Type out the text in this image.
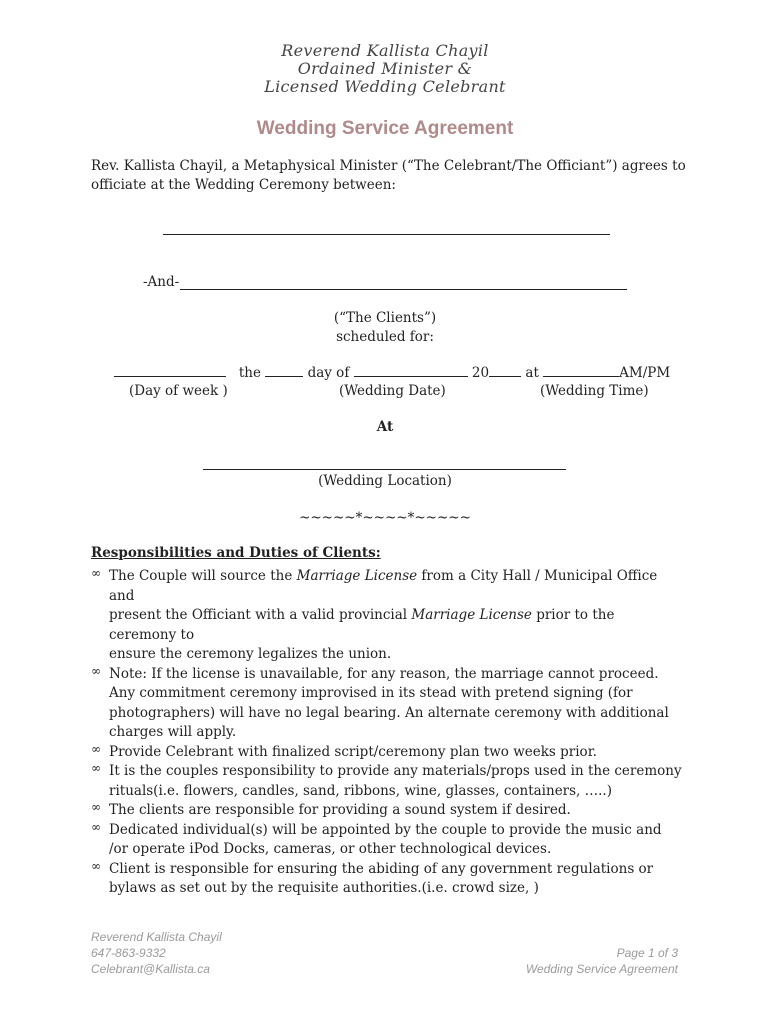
Reverend Kallista Chayil
Ordained Minister &
Licensed Wedding Celebrant
Wedding Service Agreement
Rev. Kallista Chayil, a Metaphysical Minister (“The Celebrant/The Officiant”) agrees to
officiate at the Wedding Ceremony between:
-And-
(“The Clients”)
scheduled for:
the	day of	20	at	AM/PM
(Day of week )	(Wedding Date)	(Wedding Time)
At
(Wedding Location)
~~~~~*~~~~*~~~~~
Responsibilities and Duties of Clients:
∞ The Couple will source the Marriage License from a City Hall / Municipal Office and
present the Officiant with a valid provincial Marriage License prior to the ceremony to
ensure the ceremony legalizes the union.
∞ Note: If the license is unavailable, for any reason, the marriage cannot proceed. Any commitment ceremony improvised in its stead with pretend signing (for photographers) will have no legal bearing. An alternate ceremony with additional charges will apply.
∞ Provide Celebrant with finalized script/ceremony plan two weeks prior.
∞ It is the couples responsibility to provide any materials/props used in the ceremony rituals(i.e. flowers, candles, sand, ribbons, wine, glasses, containers, …..)
∞ The clients are responsible for providing a sound system if desired.
∞ Dedicated individual(s) will be appointed by the couple to provide the music and /or operate iPod Docks, cameras, or other technological devices.
∞ Client is responsible for ensuring the abiding of any government regulations or bylaws as set out by the requisite authorities.(i.e. crowd size, )
Reverend Kallista Chayil
647-863-9332
Celebrant@Kallista.ca
Page 1 of 3
Wedding Service Agreement
